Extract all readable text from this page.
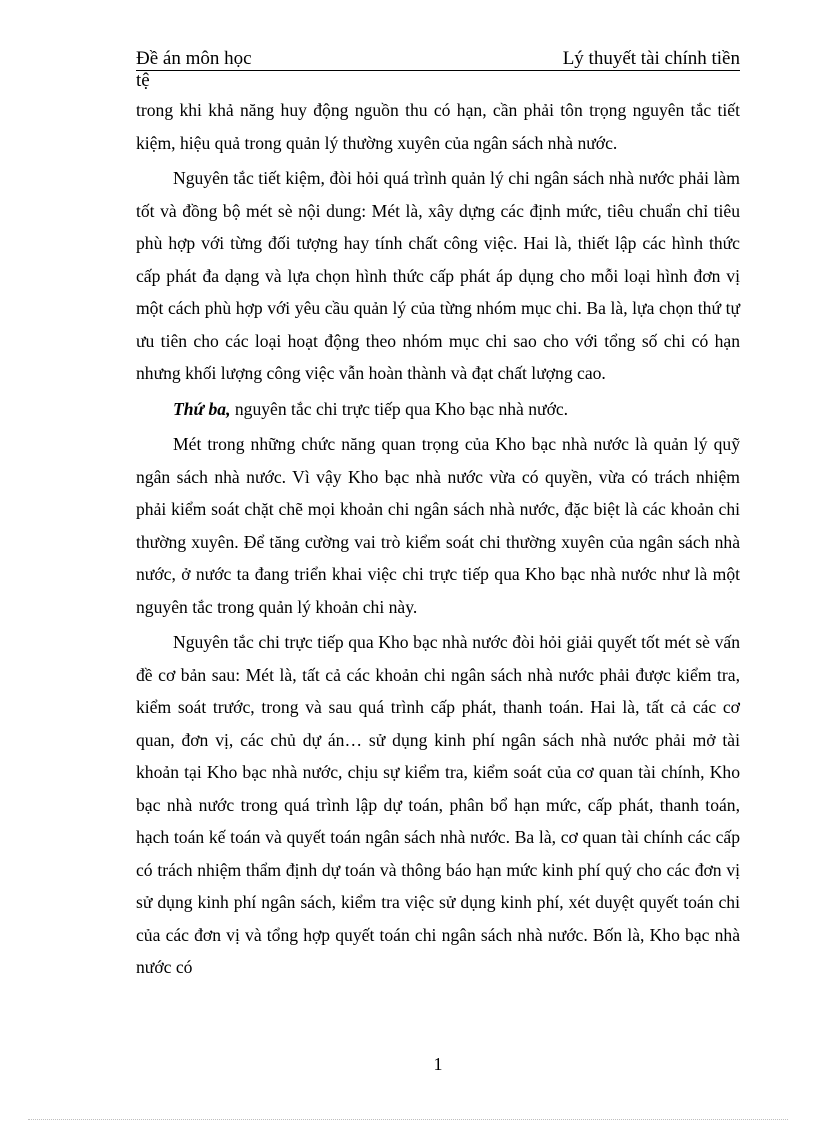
Đề án môn học	Lý thuyết tài chính tiền
tệ

trong khi khả năng huy động nguồn thu có hạn, cần phải tôn trọng nguyên tắc tiết kiệm, hiệu quả trong quản lý thường xuyên của ngân sách nhà nước.

Nguyên tắc tiết kiệm, đòi hỏi quá trình quản lý chi ngân sách nhà nước phải làm tốt và đồng bộ mét sè nội dung: Mét là, xây dựng các định mức, tiêu chuẩn chỉ tiêu phù hợp với từng đối tượng hay tính chất công việc. Hai là, thiết lập các hình thức cấp phát đa dạng và lựa chọn hình thức cấp phát áp dụng cho mỗi loại hình đơn vị một cách phù hợp với yêu cầu quản lý của từng nhóm mục chi. Ba là, lựa chọn thứ tự ưu tiên cho các loại hoạt động theo nhóm mục chi sao cho với tổng số chi có hạn nhưng khối lượng công việc vẫn hoàn thành và đạt chất lượng cao.

Thứ ba, nguyên tắc chi trực tiếp qua Kho bạc nhà nước.

Mét trong những chức năng quan trọng của Kho bạc nhà nước là quản lý quỹ ngân sách nhà nước. Vì vậy Kho bạc nhà nước vừa có quyền, vừa có trách nhiệm phải kiểm soát chặt chẽ mọi khoản chi ngân sách nhà nước, đặc biệt là các khoản chi thường xuyên. Để tăng cường vai trò kiểm soát chi thường xuyên của ngân sách nhà nước, ở nước ta đang triển khai việc chi trực tiếp qua Kho bạc nhà nước như là một nguyên tắc trong quản lý khoản chi này.

Nguyên tắc chi trực tiếp qua Kho bạc nhà nước đòi hỏi giải quyết tốt mét sè vấn đề cơ bản sau: Mét là, tất cả các khoản chi ngân sách nhà nước phải được kiểm tra, kiểm soát trước, trong và sau quá trình cấp phát, thanh toán. Hai là, tất cả các cơ quan, đơn vị, các chủ dự án… sử dụng kinh phí ngân sách nhà nước phải mở tài khoản tại Kho bạc nhà nước, chịu sự kiểm tra, kiểm soát của cơ quan tài chính, Kho bạc nhà nước trong quá trình lập dự toán, phân bổ hạn mức, cấp phát, thanh toán, hạch toán kế toán và quyết toán ngân sách nhà nước. Ba là, cơ quan tài chính các cấp có trách nhiệm thẩm định dự toán và thông báo hạn mức kinh phí quý cho các đơn vị sử dụng kinh phí ngân sách, kiểm tra việc sử dụng kinh phí, xét duyệt quyết toán chi của các đơn vị và tổng hợp quyết toán chi ngân sách nhà nước. Bốn là, Kho bạc nhà nước có

1
